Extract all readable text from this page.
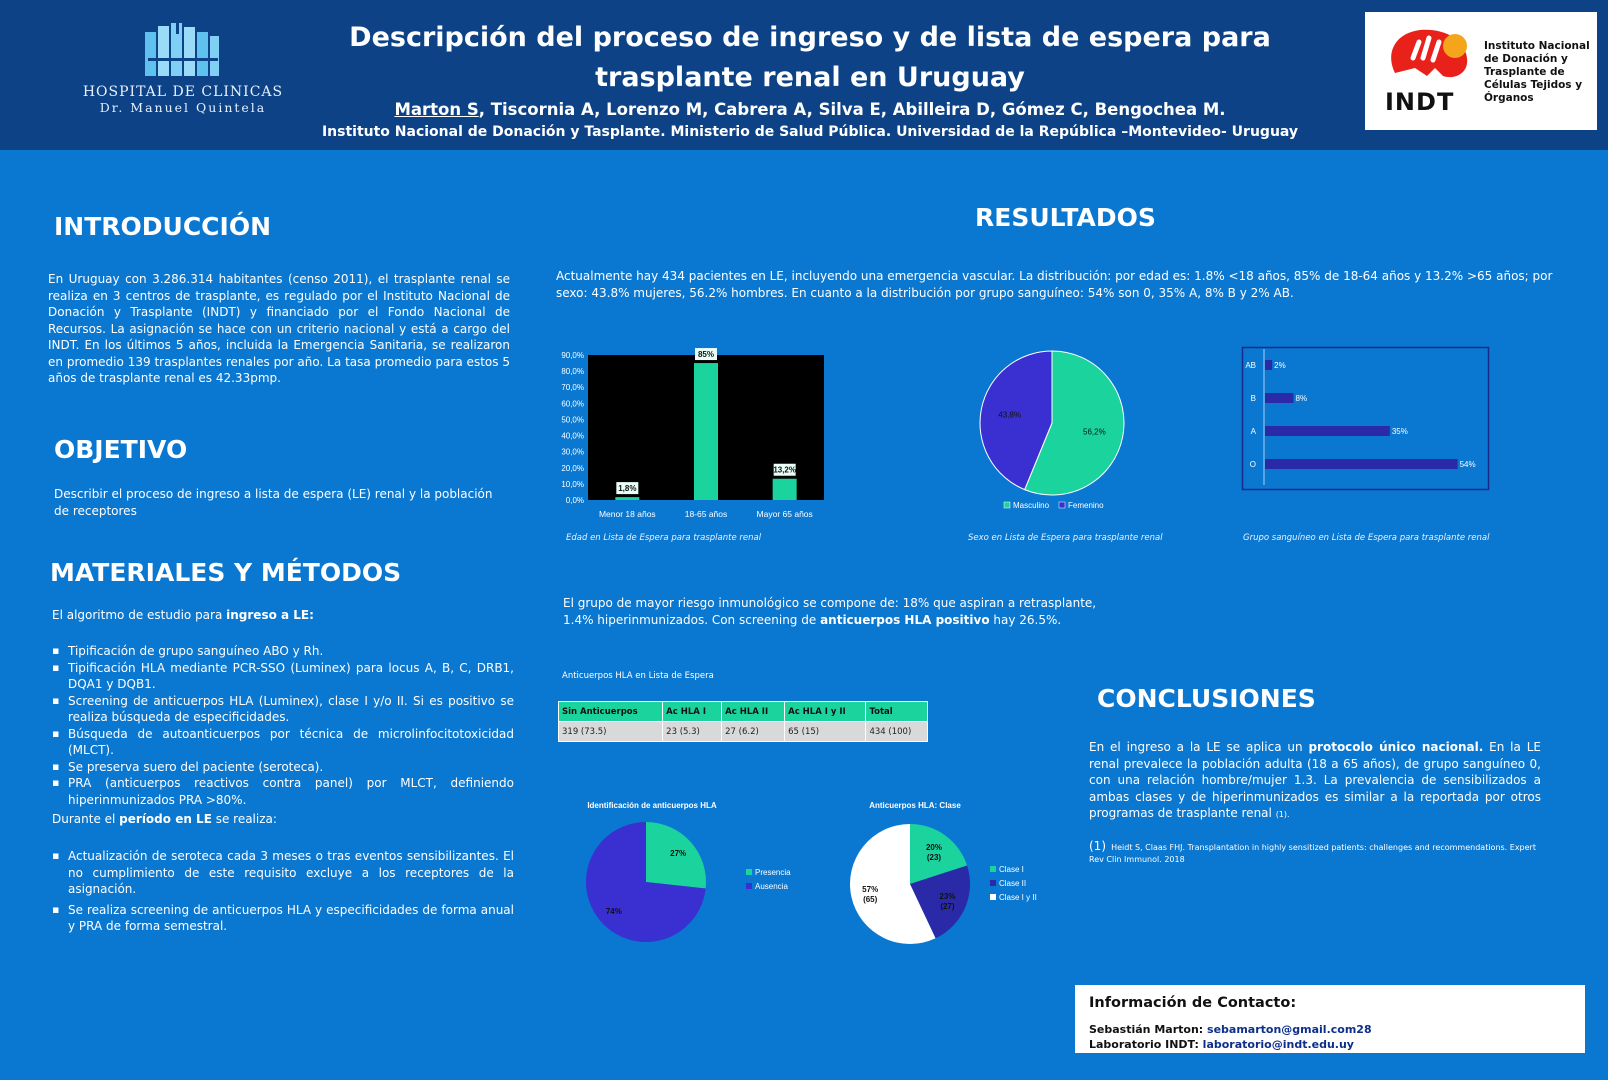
HOSPITAL DE CLINICAS
Dr. Manuel Quintela
Descripción del proceso de ingreso y de lista de espera para trasplante renal en Uruguay
Marton S, Tiscornia A, Lorenzo M, Cabrera A, Silva E, Abilleira D, Gómez C, Bengochea M.
Instituto Nacional de Donación y Tasplante. Ministerio de Salud Pública. Universidad de la República –Montevideo- Uruguay
INDT
Instituto Nacional de Donación y Trasplante de Células Tejidos y Órganos
INTRODUCCIÓN
En Uruguay con 3.286.314 habitantes (censo 2011), el trasplante renal se realiza en 3 centros de trasplante, es regulado por el Instituto Nacional de Donación y Trasplante (INDT) y financiado por el Fondo Nacional de Recursos. La asignación se hace con un criterio nacional y está a cargo del INDT. En los últimos 5 años, incluida la Emergencia Sanitaria, se realizaron en promedio 139 trasplantes renales por año. La tasa promedio para estos 5 años de trasplante renal es 42.33pmp.
OBJETIVO
Describir el proceso de ingreso a lista de espera (LE) renal y la población de receptores
MATERIALES Y MÉTODOS
El algoritmo de estudio para ingreso a LE:
▪ Tipificación de grupo sanguíneo ABO y Rh.
▪ Tipificación HLA mediante PCR-SSO (Luminex) para locus A, B, C, DRB1, DQA1 y DQB1.
▪ Screening de anticuerpos HLA (Luminex), clase I y/o II. Si es positivo se realiza búsqueda de especificidades.
▪ Búsqueda de autoanticuerpos por técnica de microlinfocitotoxicidad (MLCT).
▪ Se preserva suero del paciente (seroteca).
▪ PRA (anticuerpos reactivos contra panel) por MLCT, definiendo hiperinmunizados PRA >80%.
Durante el período en LE se realiza:
▪ Actualización de seroteca cada 3 meses o tras eventos sensibilizantes. El no cumplimiento de este requisito excluye a los receptores de la asignación.
▪ Se realiza screening de anticuerpos HLA y especificidades de forma anual y PRA de forma semestral.
RESULTADOS
Actualmente hay 434 pacientes en LE, incluyendo una emergencia vascular. La distribución: por edad es: 1.8% <18 años, 85% de 18-64 años y 13.2% >65 años; por sexo: 43.8% mujeres, 56.2% hombres. En cuanto a la distribución por grupo sanguíneo: 54% son 0, 35% A, 8% B y 2% AB.
0,0%
10,0%
20,0%
30,0%
40,0%
50,0%
60,0%
70,0%
80,0%
90,0%
1,8%
Menor 18 años
85%
18-65 años
13,2%
Mayor 65 años
Edad en Lista de Espera para trasplante renal
56,2%
43,8%
Masculino Femenino
Sexo en Lista de Espera para trasplante renal
AB 2%
B	8%
A	35%
O	54%
Grupo sanguíneo en Lista de Espera para trasplante renal
El grupo de mayor riesgo inmunológico se compone de: 18% que aspiran a retrasplante,
1.4% hiperinmunizados. Con screening de anticuerpos HLA positivo hay 26.5%.
Anticuerpos HLA en Lista de Espera
Sin Anticuerpos	Ac HLA I	Ac HLA II	Ac HLA I y II	Total
319 (73.5)	23 (5.3)	27 (6.2)	65 (15)	434 (100)
Identificación de anticuerpos HLA
27%
74%
Presencia
Ausencia
Anticuerpos HLA: Clase
20%
(23)
23%
(27)
57%
(65)
Clase I
Clase II
Clase I y II
CONCLUSIONES
En el ingreso a la LE se aplica un protocolo único nacional. En la LE renal prevalece la población adulta (18 a 65 años), de grupo sanguíneo 0, con una relación hombre/mujer 1.3. La prevalencia de sensibilizados a ambas clases y de hiperinmunizados es similar a la reportada por otros programas de trasplante renal (1).
(1) Heidt S, Claas FHJ. Transplantation in highly sensitized patients: challenges and recommendations. Expert Rev Clin Immunol. 2018
Información de Contacto:
Sebastián Marton: sebamarton@gmail.com28
Laboratorio INDT: laboratorio@indt.edu.uy
